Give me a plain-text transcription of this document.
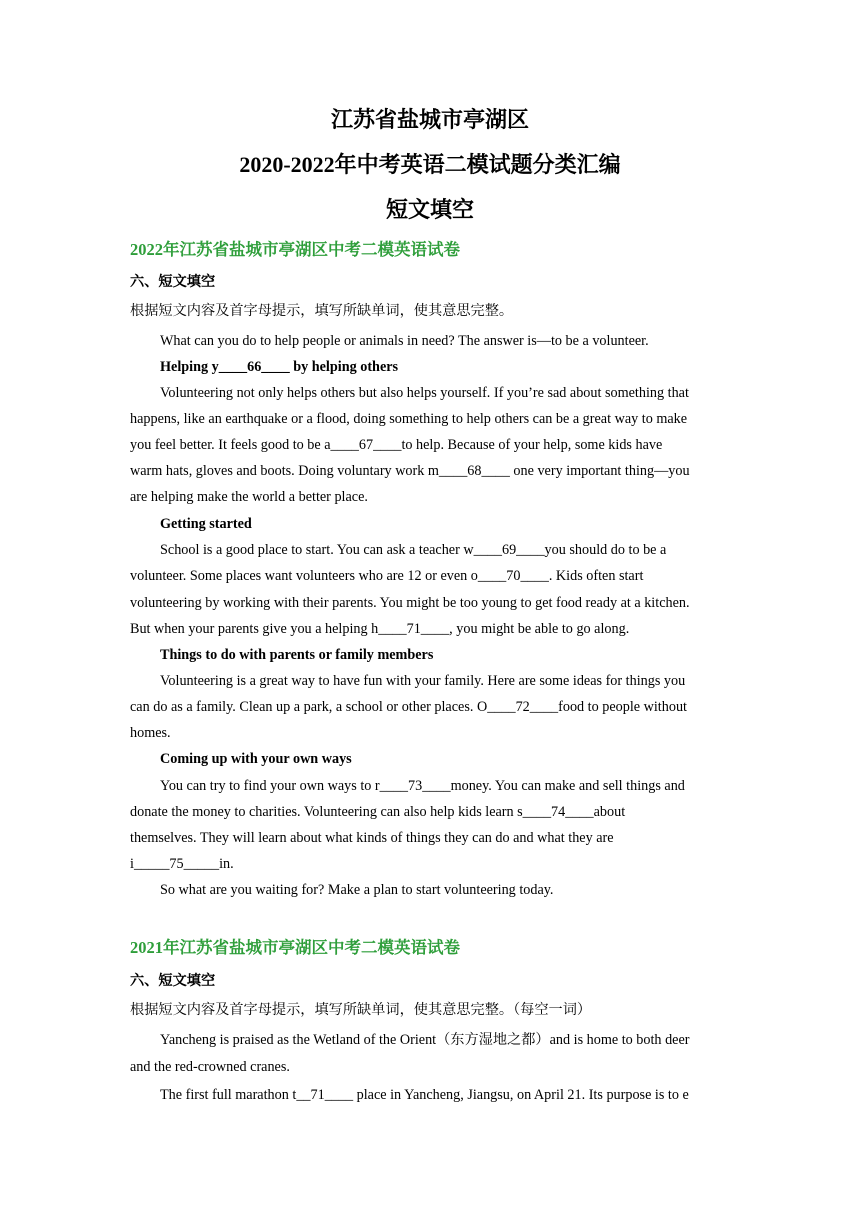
江苏省盐城市亭湖区
2020-2022年中考英语二模试题分类汇编
短文填空
2022年江苏省盐城市亭湖区中考二模英语试卷
六、短文填空
根据短文内容及首字母提示，填写所缺单词，使其意思完整。
What can you do to help people or animals in need? The answer is—to be a volunteer.
Helping y____66____ by helping others
Volunteering not only helps others but also helps yourself. If you’re sad about something that
happens, like an earthquake or a flood, doing something to help others can be a great way to make
you feel better. It feels good to be a____67____to help. Because of your help, some kids have
warm hats, gloves and boots. Doing voluntary work m____68____ one very important thing—you
are helping make the world a better place.
Getting started
School is a good place to start. You can ask a teacher w____69____you should do to be a
volunteer. Some places want volunteers who are 12 or even o____70____. Kids often start
volunteering by working with their parents. You might be too young to get food ready at a kitchen.
But when your parents give you a helping h____71____, you might be able to go along.
Things to do with parents or family members
Volunteering is a great way to have fun with your family. Here are some ideas for things you
can do as a family. Clean up a park, a school or other places. O____72____food to people without
homes.
Coming up with your own ways
You can try to find your own ways to r____73____money. You can make and sell things and
donate the money to charities. Volunteering can also help kids learn s____74____about
themselves. They will learn about what kinds of things they can do and what they are
i_____75_____in.
So what are you waiting for? Make a plan to start volunteering today.
2021年江苏省盐城市亭湖区中考二模英语试卷
六、短文填空
根据短文内容及首字母提示，填写所缺单词，使其意思完整。（每空一词）
Yancheng is praised as the Wetland of the Orient（东方湿地之都）and is home to both deer
and the red-crowned cranes.
The first full marathon t__71____ place in Yancheng, Jiangsu, on April 21. Its purpose is to e
